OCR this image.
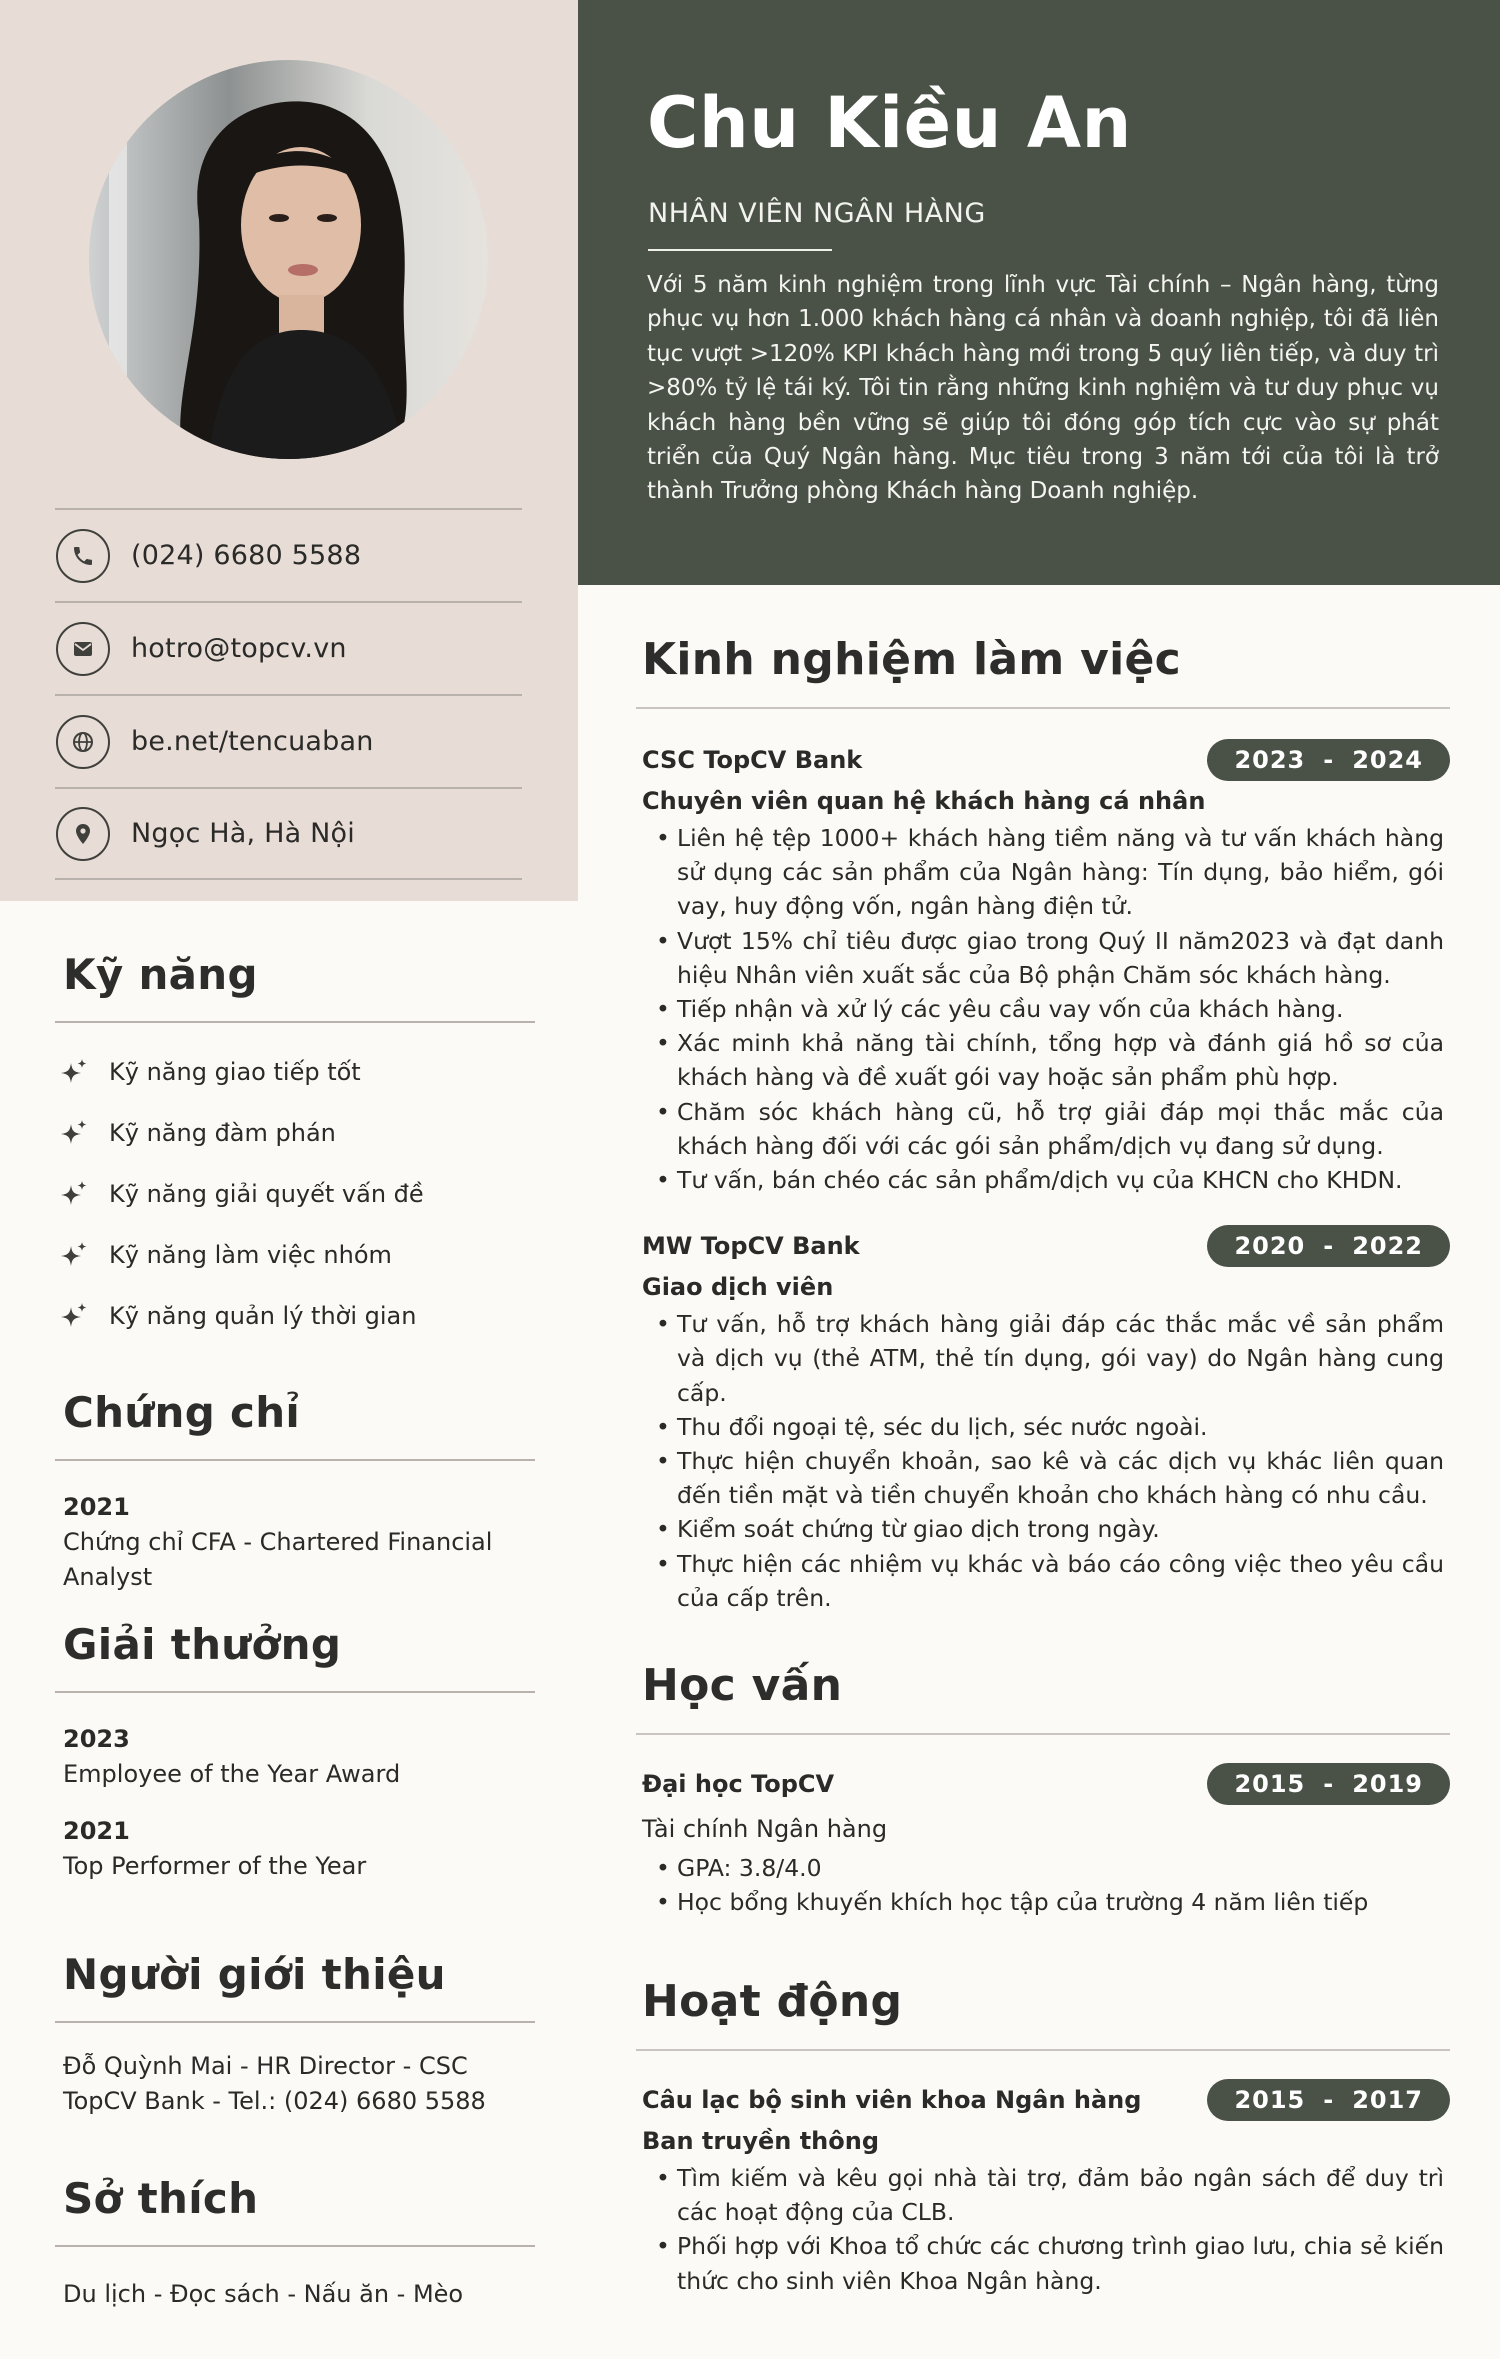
(024) 6680 5588
hotro@topcv.vn
be.net/tencuaban
Ngọc Hà, Hà Nội
Kỹ năng
Kỹ năng giao tiếp tốt
Kỹ năng đàm phán
Kỹ năng giải quyết vấn đề
Kỹ năng làm việc nhóm
Kỹ năng quản lý thời gian
Chứng chỉ
2021
Chứng chỉ CFA - Chartered Financial Analyst
Giải thưởng
2023
Employee of the Year Award
2021
Top Performer of the Year
Người giới thiệu
Đỗ Quỳnh Mai - HR Director - CSC TopCV Bank - Tel.: (024) 6680 5588
Sở thích
Du lịch - Đọc sách - Nấu ăn - Mèo
Chu Kiều An
NHÂN VIÊN NGÂN HÀNG
Với 5 năm kinh nghiệm trong lĩnh vực Tài chính – Ngân hàng, từng phục vụ hơn 1.000 khách hàng cá nhân và doanh nghiệp, tôi đã liên tục vượt >120% KPI khách hàng mới trong 5 quý liên tiếp, và duy trì >80% tỷ lệ tái ký. Tôi tin rằng những kinh nghiệm và tư duy phục vụ khách hàng bền vững sẽ giúp tôi đóng góp tích cực vào sự phát triển của Quý Ngân hàng. Mục tiêu trong 3 năm tới của tôi là trở thành Trưởng phòng Khách hàng Doanh nghiệp.
Kinh nghiệm làm việc
CSC TopCV Bank	2023 - 2024
Chuyên viên quan hệ khách hàng cá nhân
• Liên hệ tệp 1000+ khách hàng tiềm năng và tư vấn khách hàng sử dụng các sản phẩm của Ngân hàng: Tín dụng, bảo hiểm, gói vay, huy động vốn, ngân hàng điện tử.
• Vượt 15% chỉ tiêu được giao trong Quý II năm2023 và đạt danh hiệu Nhân viên xuất sắc của Bộ phận Chăm sóc khách hàng.
• Tiếp nhận và xử lý các yêu cầu vay vốn của khách hàng.
• Xác minh khả năng tài chính, tổng hợp và đánh giá hồ sơ của khách hàng và đề xuất gói vay hoặc sản phẩm phù hợp.
• Chăm sóc khách hàng cũ, hỗ trợ giải đáp mọi thắc mắc của khách hàng đối với các gói sản phẩm/dịch vụ đang sử dụng.
• Tư vấn, bán chéo các sản phẩm/dịch vụ của KHCN cho KHDN.
MW TopCV Bank	2020 - 2022
Giao dịch viên
• Tư vấn, hỗ trợ khách hàng giải đáp các thắc mắc về sản phẩm và dịch vụ (thẻ ATM, thẻ tín dụng, gói vay) do Ngân hàng cung cấp.
• Thu đổi ngoại tệ, séc du lịch, séc nước ngoài.
• Thực hiện chuyển khoản, sao kê và các dịch vụ khác liên quan đến tiền mặt và tiền chuyển khoản cho khách hàng có nhu cầu.
• Kiểm soát chứng từ giao dịch trong ngày.
• Thực hiện các nhiệm vụ khác và báo cáo công việc theo yêu cầu của cấp trên.
Học vấn
Đại học TopCV	2015 - 2019
Tài chính Ngân hàng
• GPA: 3.8/4.0
• Học bổng khuyến khích học tập của trường 4 năm liên tiếp
Hoạt động
Câu lạc bộ sinh viên khoa Ngân hàng	2015 - 2017
Ban truyền thông
• Tìm kiếm và kêu gọi nhà tài trợ, đảm bảo ngân sách để duy trì các hoạt động của CLB.
• Phối hợp với Khoa tổ chức các chương trình giao lưu, chia sẻ kiến thức cho sinh viên Khoa Ngân hàng.
